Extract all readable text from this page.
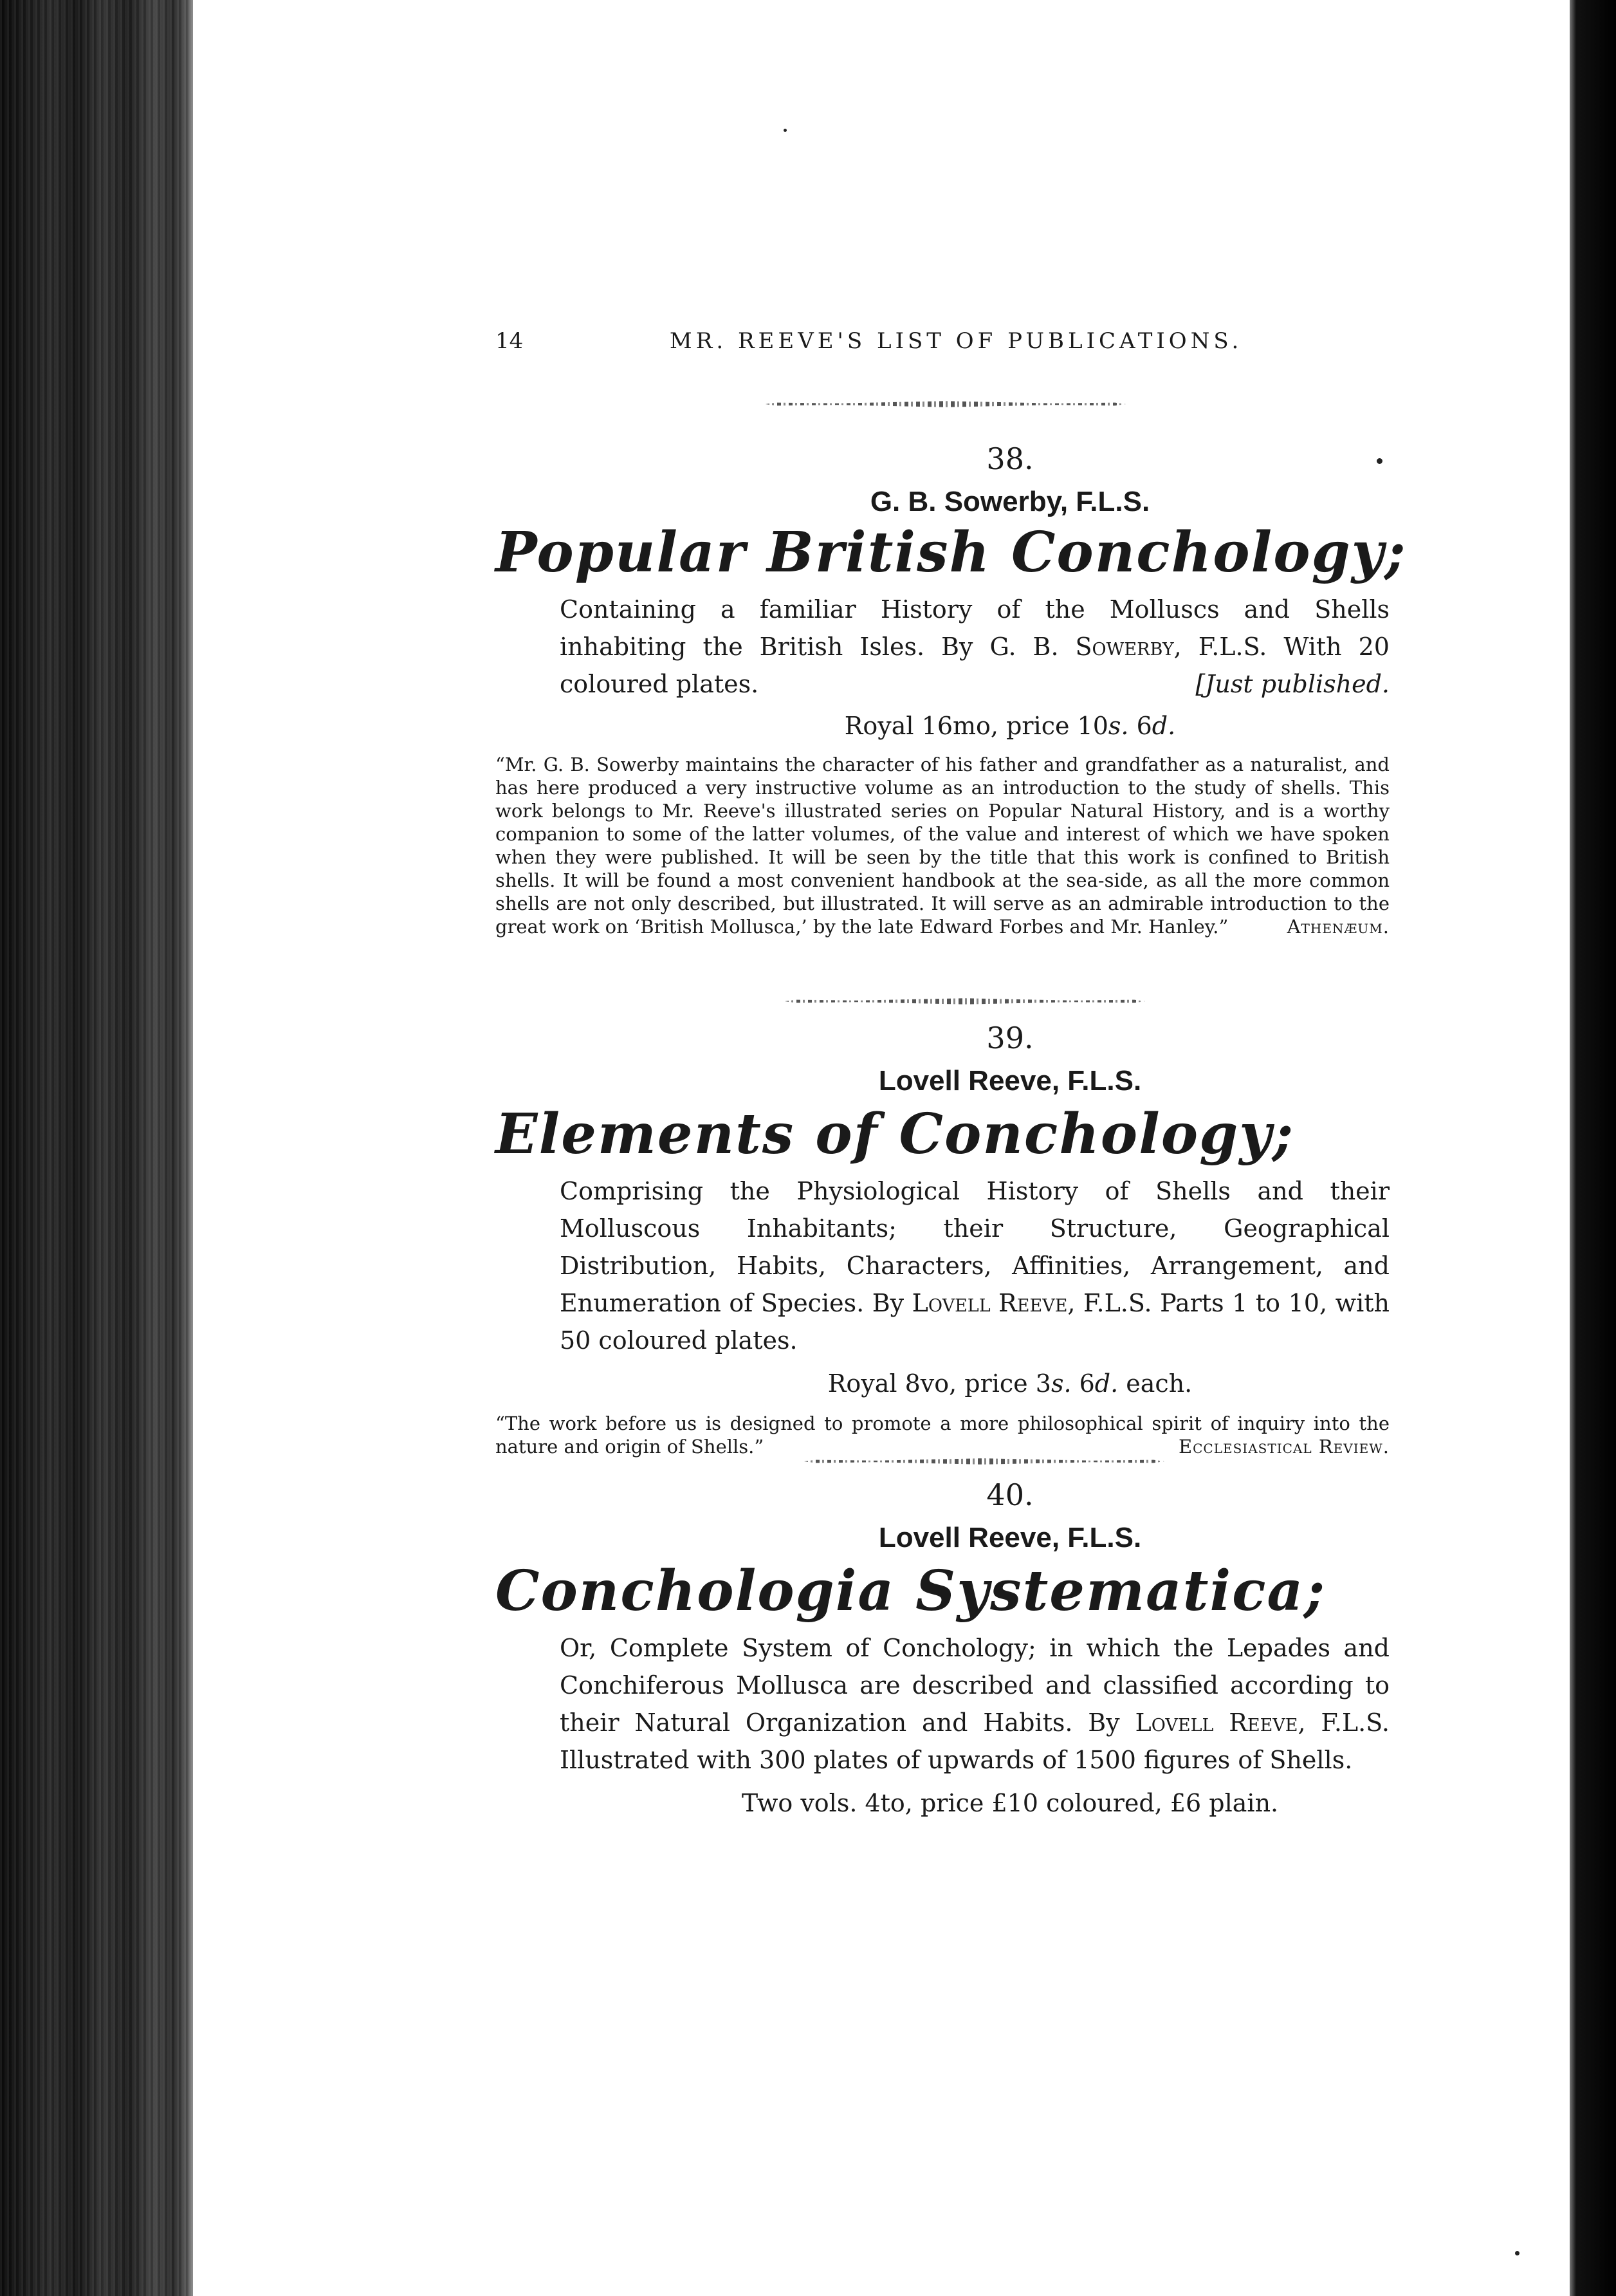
14	MR. REEVE'S LIST OF PUBLICATIONS.
38.
G. B. Sowerby, F.L.S.
Popular British Conchology;
Containing a familiar History of the Molluscs and Shells inhabiting the British Isles. By G. B. Sowerby, F.L.S. With 20 coloured plates.	[Just published.
Royal 16mo, price 10s. 6d.
“Mr. G. B. Sowerby maintains the character of his father and grandfather as a naturalist, and has here produced a very instructive volume as an introduction to the study of shells. This work belongs to Mr. Reeve's illustrated series on Popular Natural History, and is a worthy companion to some of the latter volumes, of the value and interest of which we have spoken when they were published. It will be seen by the title that this work is confined to British shells. It will be found a most convenient handbook at the sea-side, as all the more common shells are not only described, but illustrated. It will serve as an admirable introduction to the great work on ‘British Mollusca,’ by the late Edward Forbes and Mr. Hanley.”	Athenæum.
39.
Lovell Reeve, F.L.S.
Elements of Conchology;
Comprising the Physiological History of Shells and their Molluscous Inhabitants; their Structure, Geographical Distribution, Habits, Characters, Affinities, Arrangement, and Enumeration of Species. By Lovell Reeve, F.L.S. Parts 1 to 10, with 50 coloured plates.
Royal 8vo, price 3s. 6d. each.
“The work before us is designed to promote a more philosophical spirit of inquiry into the nature and origin of Shells.”	Ecclesiastical Review.
40.
Lovell Reeve, F.L.S.
Conchologia Systematica;
Or, Complete System of Conchology; in which the Lepades and Conchiferous Mollusca are described and classified according to their Natural Organization and Habits. By Lovell Reeve, F.L.S. Illustrated with 300 plates of upwards of 1500 figures of Shells.
Two vols. 4to, price £10 coloured, £6 plain.
